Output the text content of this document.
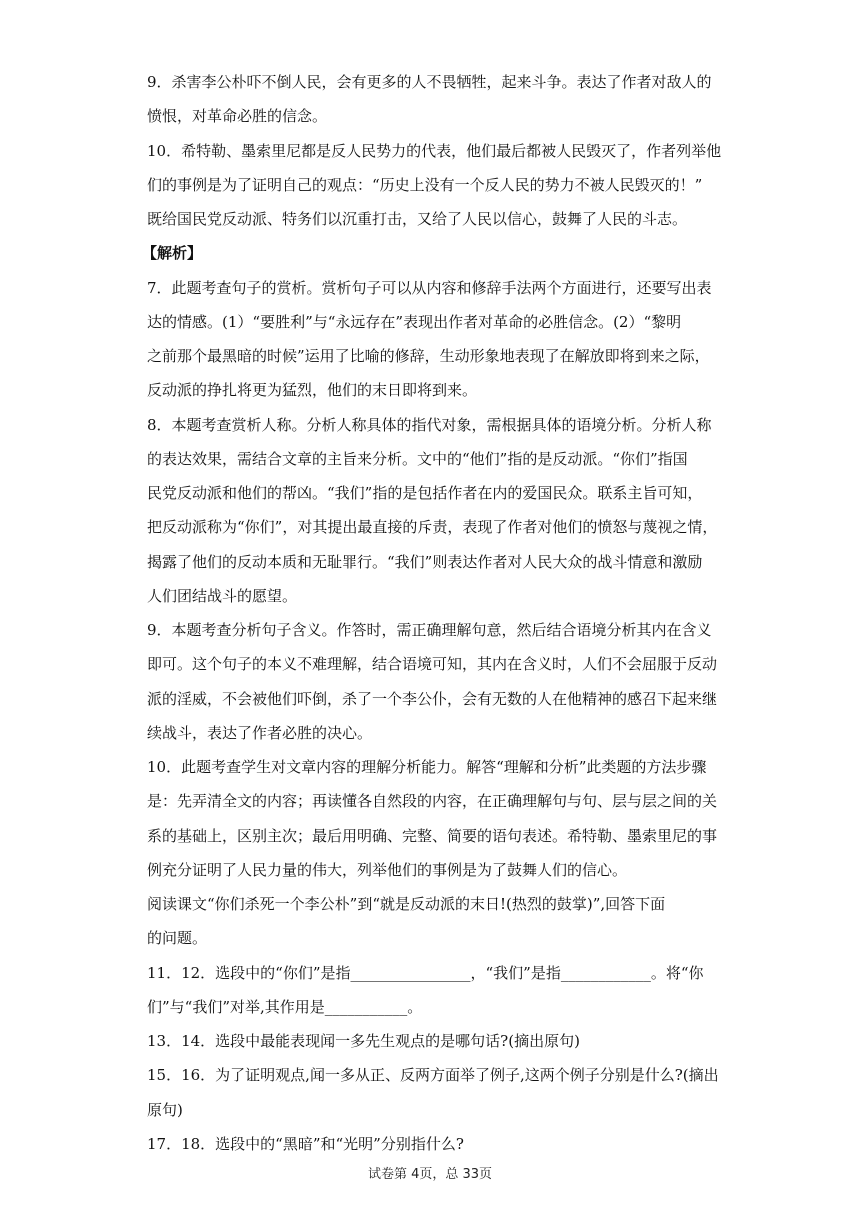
9．杀害李公朴吓不倒人民，会有更多的人不畏牺牲，起来斗争。表达了作者对敌人的
愤恨，对革命必胜的信念。
10．希特勒、墨索里尼都是反人民势力的代表，他们最后都被人民毁灭了，作者列举他
们的事例是为了证明自己的观点：“历史上没有一个反人民的势力不被人民毁灭的！”
既给国民党反动派、特务们以沉重打击，又给了人民以信心，鼓舞了人民的斗志。
【解析】
7．此题考查句子的赏析。赏析句子可以从内容和修辞手法两个方面进行，还要写出表
达的情感。(1）“要胜利”与“永远存在”表现出作者对革命的必胜信念。(2）“黎明
之前那个最黑暗的时候”运用了比喻的修辞，生动形象地表现了在解放即将到来之际，
反动派的挣扎将更为猛烈，他们的末日即将到来。
8．本题考查赏析人称。分析人称具体的指代对象，需根据具体的语境分析。分析人称
的表达效果，需结合文章的主旨来分析。文中的“他们”指的是反动派。“你们”指国
民党反动派和他们的帮凶。“我们”指的是包括作者在内的爱国民众。联系主旨可知，
把反动派称为“你们”，对其提出最直接的斥责，表现了作者对他们的愤怒与蔑视之情，
揭露了他们的反动本质和无耻罪行。“我们”则表达作者对人民大众的战斗情意和激励
人们团结战斗的愿望。
9．本题考查分析句子含义。作答时，需正确理解句意，然后结合语境分析其内在含义
即可。这个句子的本义不难理解，结合语境可知，其内在含义时，人们不会屈服于反动
派的淫威，不会被他们吓倒，杀了一个李公仆，会有无数的人在他精神的感召下起来继
续战斗，表达了作者必胜的决心。
10．此题考查学生对文章内容的理解分析能力。解答“理解和分析”此类题的方法步骤
是：先弄清全文的内容；再读懂各自然段的内容，在正确理解句与句、层与层之间的关
系的基础上，区别主次；最后用明确、完整、简要的语句表述。希特勒、墨索里尼的事
例充分证明了人民力量的伟大，列举他们的事例是为了鼓舞人们的信心。
阅读课文“你们杀死一个李公朴”到“就是反动派的末日!(热烈的鼓掌)”,回答下面
的问题。
11．12．选段中的“你们”是指________________，“我们”是指____________。将“你
们”与“我们”对举,其作用是___________。
13．14．选段中最能表现闻一多先生观点的是哪句话?(摘出原句)
15．16．为了证明观点,闻一多从正、反两方面举了例子,这两个例子分别是什么?(摘出
原句)
17．18．选段中的“黑暗”和“光明”分别指什么?
试卷第 4页，总 33页
